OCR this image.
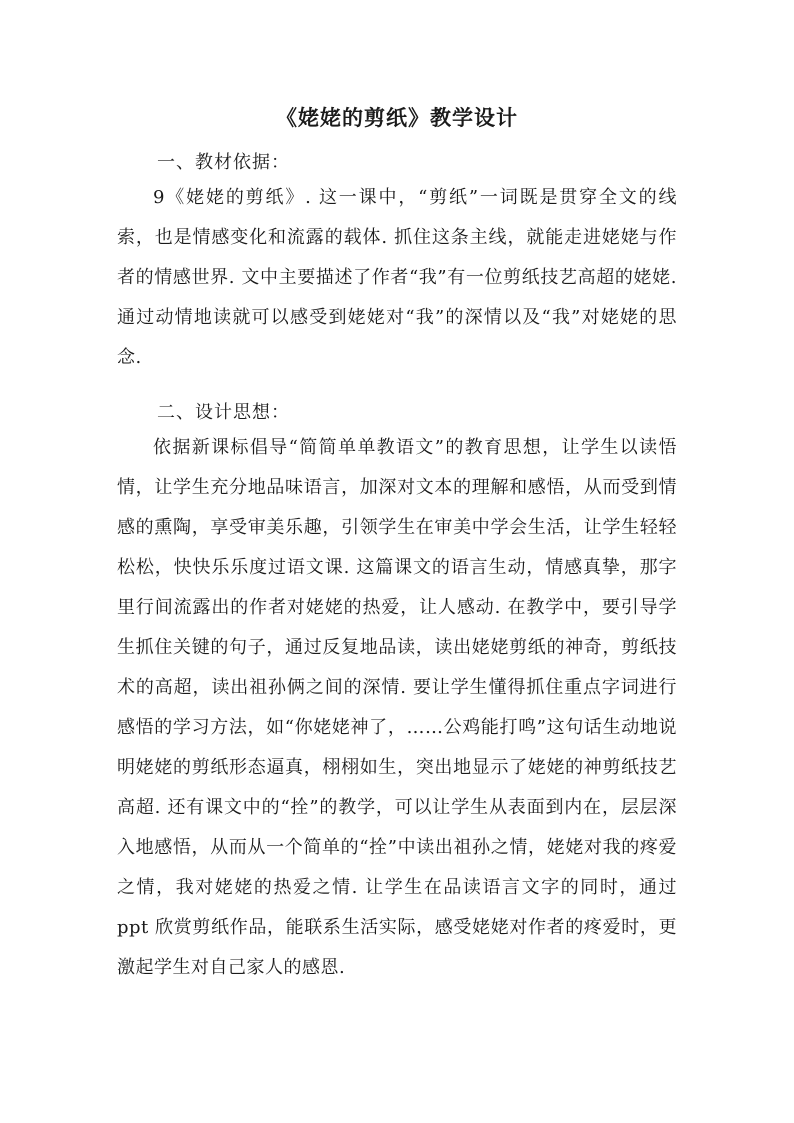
《姥姥的剪纸》教学设计
一、教材依据：

9《姥姥的剪纸》. 这一课中，“剪纸”一词既是贯穿全文的线索，也是情感变化和流露的载体. 抓住这条主线，就能走进姥姥与作者的情感世界. 文中主要描述了作者“我”有一位剪纸技艺高超的姥姥. 通过动情地读就可以感受到姥姥对“我”的深情以及“我”对姥姥的思念.

二、设计思想：

依据新课标倡导“简简单单教语文”的教育思想，让学生以读悟情，让学生充分地品味语言，加深对文本的理解和感悟，从而受到情感的熏陶，享受审美乐趣，引领学生在审美中学会生活，让学生轻轻松松，快快乐乐度过语文课. 这篇课文的语言生动，情感真挚，那字里行间流露出的作者对姥姥的热爱，让人感动. 在教学中，要引导学生抓住关键的句子，通过反复地品读，读出姥姥剪纸的神奇，剪纸技术的高超，读出祖孙俩之间的深情. 要让学生懂得抓住重点字词进行感悟的学习方法，如“你姥姥神了，……公鸡能打鸣”这句话生动地说明姥姥的剪纸形态逼真，栩栩如生，突出地显示了姥姥的神剪纸技艺高超. 还有课文中的“拴”的教学，可以让学生从表面到内在，层层深入地感悟，从而从一个简单的“拴”中读出祖孙之情，姥姥对我的疼爱之情，我对姥姥的热爱之情. 让学生在品读语言文字的同时，通过 ppt 欣赏剪纸作品，能联系生活实际，感受姥姥对作者的疼爱时，更激起学生对自己家人的感恩.
